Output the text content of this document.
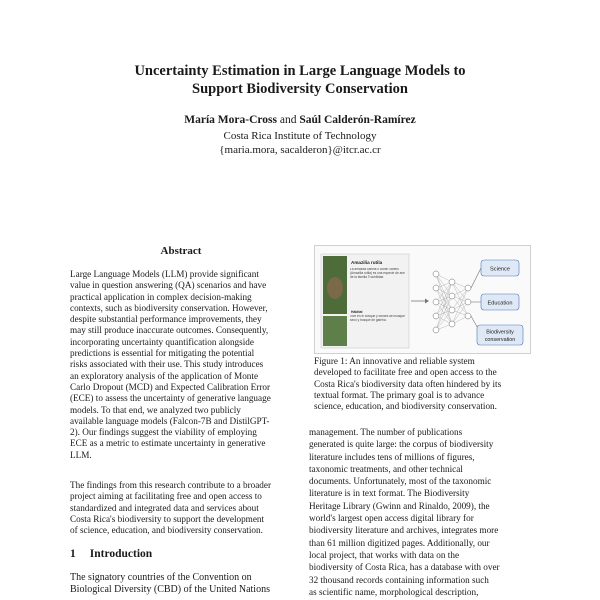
Uncertainty Estimation in Large Language Models to
Support Biodiversity Conservation
María Mora-Cross and Saúl Calderón-Ramírez
Costa Rica Institute of Technology
{maria.mora, sacalderon}@itcr.ac.cr
Abstract
Large Language Models (LLM) provide significant
value in question answering (QA) scenarios and have
practical application in complex decision-making
contexts, such as biodiversity conservation. However,
despite substantial performance improvements, they
may still produce inaccurate outcomes. Consequently,
incorporating uncertainty quantification alongside
predictions is essential for mitigating the potential
risks associated with their use. This study introduces
an exploratory analysis of the application of Monte
Carlo Dropout (MCD) and Expected Calibration Error
(ECE) to assess the uncertainty of generative language
models. To that end, we analyzed two publicly
available language models (Falcon-7B and DistilGPT-
2). Our findings suggest the viability of employing
ECE as a metric to estimate uncertainty in generative
LLM.
The findings from this research contribute to a broader
project aiming at facilitating free and open access to
standardized and integrated data and services about
Costa Rica's biodiversity to support the development
of science, education, and biodiversity conservation.
1 Introduction
The signatory countries of the Convention on
Biological Diversity (CBD) of the United Nations
Amazilia rutila
La amazilia canela o colibrí canelo (Amazilia rutila) es una especie de ave de la familia Trochilidae.
Hábitat
Vive en el bosque y bordes del bosque seco y bosque de galería.
Science
Education
Biodiversity
conservation
Figure 1: An innovative and reliable system
developed to facilitate free and open access to the
Costa Rica's biodiversity data often hindered by its
textual format. The primary goal is to advance
science, education, and biodiversity conservation.
management. The number of publications
generated is quite large: the corpus of biodiversity
literature includes tens of millions of figures,
taxonomic treatments, and other technical
documents. Unfortunately, most of the taxonomic
literature is in text format. The Biodiversity
Heritage Library (Gwinn and Rinaldo, 2009), the
world's largest open access digital library for
biodiversity literature and archives, integrates more
than 61 million digitized pages. Additionally, our
local project, that works with data on the
biodiversity of Costa Rica, has a database with over
32 thousand records containing information such
as scientific name, morphological description,
